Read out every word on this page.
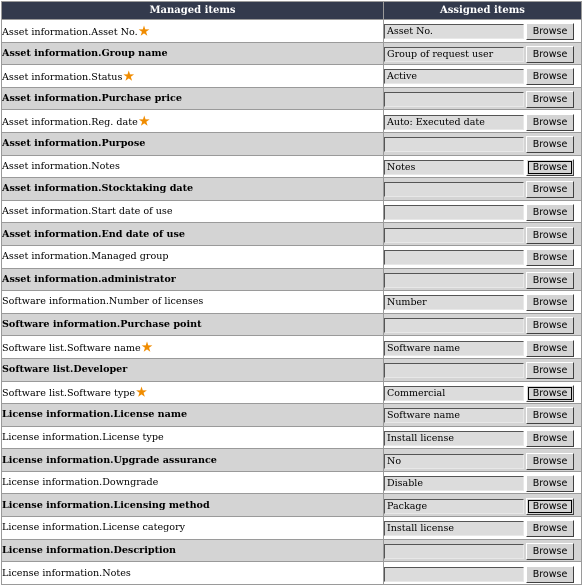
Managed items	Assigned items
Asset information.Asset No.★	Asset No. Browse
Asset information.Group name	Group of request user Browse
Asset information.Status★	Active Browse
Asset information.Purchase price	Browse
Asset information.Reg. date★	Auto: Executed date Browse
Asset information.Purpose	Browse
Asset information.Notes	Notes Browse
Asset information.Stocktaking date	Browse
Asset information.Start date of use	Browse
Asset information.End date of use	Browse
Asset information.Managed group	Browse
Asset information.administrator	Browse
Software information.Number of licenses	Number Browse
Software information.Purchase point	Browse
Software list.Software name★	Software name Browse
Software list.Developer	Browse
Software list.Software type★	Commercial Browse
License information.License name	Software name Browse
License information.License type	Install license Browse
License information.Upgrade assurance	No Browse
License information.Downgrade	Disable Browse
License information.Licensing method	Package Browse
License information.License category	Install license Browse
License information.Description	Browse
License information.Notes	Browse
